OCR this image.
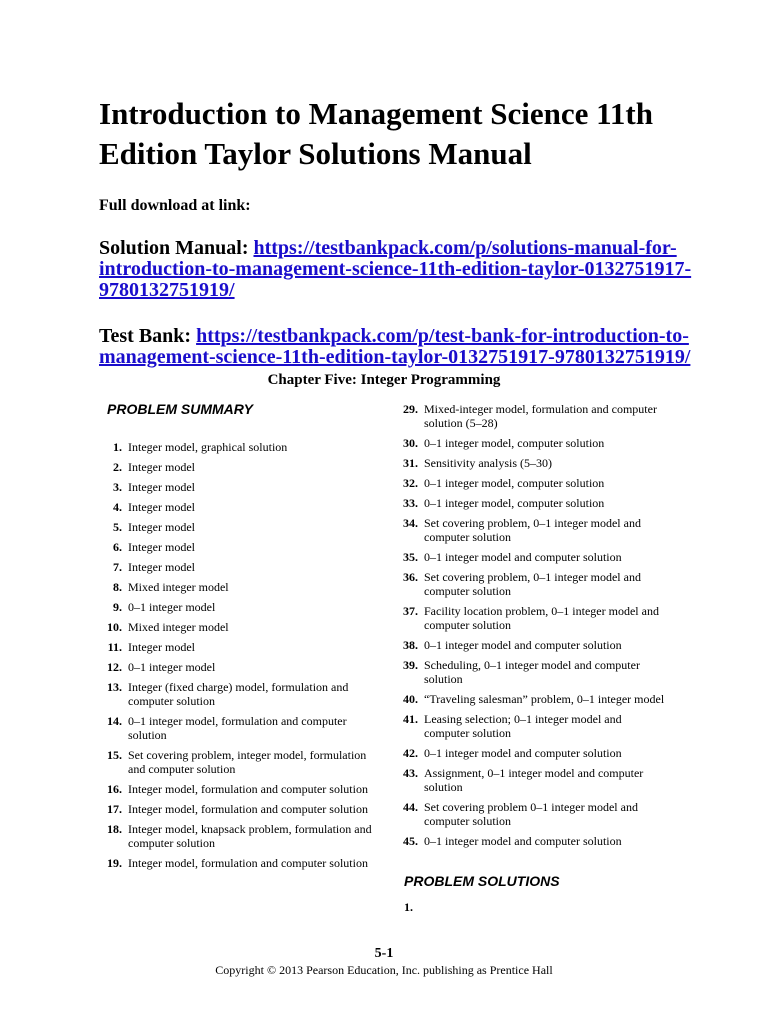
Introduction to Management Science 11th Edition Taylor Solutions Manual
Full download at link:
Solution Manual: https://testbankpack.com/p/solutions-manual-for-introduction-to-management-science-11th-edition-taylor-0132751917-9780132751919/
Test Bank: https://testbankpack.com/p/test-bank-for-introduction-to-management-science-11th-edition-taylor-0132751917-9780132751919/
Chapter Five: Integer Programming
PROBLEM SUMMARY
1. Integer model, graphical solution
2. Integer model
3. Integer model
4. Integer model
5. Integer model
6. Integer model
7. Integer model
8. Mixed integer model
9. 0–1 integer model
10. Mixed integer model
11. Integer model
12. 0–1 integer model
13. Integer (fixed charge) model, formulation and computer solution
14. 0–1 integer model, formulation and computer solution
15. Set covering problem, integer model, formulation and computer solution
16. Integer model, formulation and computer solution
17. Integer model, formulation and computer solution
18. Integer model, knapsack problem, formulation and computer solution
19. Integer model, formulation and computer solution
29. Mixed-integer model, formulation and computer solution (5–28)
30. 0–1 integer model, computer solution
31. Sensitivity analysis (5–30)
32. 0–1 integer model, computer solution
33. 0–1 integer model, computer solution
34. Set covering problem, 0–1 integer model and computer solution
35. 0–1 integer model and computer solution
36. Set covering problem, 0–1 integer model and computer solution
37. Facility location problem, 0–1 integer model and computer solution
38. 0–1 integer model and computer solution
39. Scheduling, 0–1 integer model and computer solution
40. “Traveling salesman” problem, 0–1 integer model
41. Leasing selection; 0–1 integer model and computer solution
42. 0–1 integer model and computer solution
43. Assignment, 0–1 integer model and computer solution
44. Set covering problem 0–1 integer model and computer solution
45. 0–1 integer model and computer solution
PROBLEM SOLUTIONS
1.
5-1
Copyright © 2013 Pearson Education, Inc. publishing as Prentice Hall
